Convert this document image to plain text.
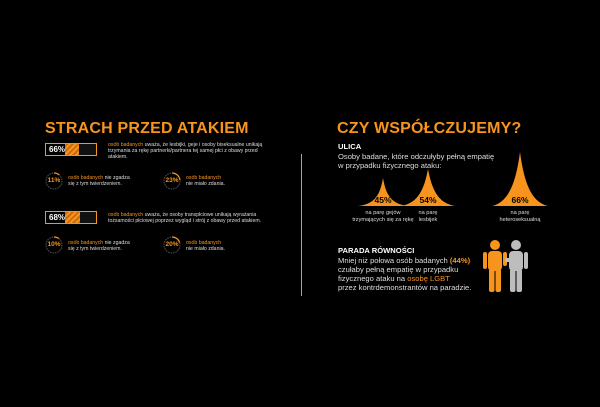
STRACH PRZED ATAKIEM
66%	osób badanych uważa, że lesbijki, geje i osoby biseksualne unikają
trzymania za rękę partnerki/partnera tej samej płci z obawy przed
atakiem.
11%	osób badanych nie zgadza
się z tym twierdzeniem.
23%	osób badanych
nie miało zdania.
68%	osób badanych uważa, że osoby transpłciowe unikają wyrażania
tożsamości płciowej poprzez wygląd i strój z obawy przed atakiem.
10%	osób badanych nie zgadza
się z tym twierdzeniem.
20%	osób badanych
nie miało zdania.
CZY WSPÓŁCZUJEMY?
ULICA
Osoby badane, które odczułyby pełną empatię
w przypadku fizycznego ataku:
45%	54%	66%
na parę gejów
trzymających się za rękę
na parę
lesbijek
na parę
heteroseksualną
PARADA RÓWNOŚCI
Mniej niż połowa osób badanych (44%)
czułaby pełną empatię w przypadku
fizycznego ataku na osobę LGBT
przez kontrdemonstrantów na paradzie.
